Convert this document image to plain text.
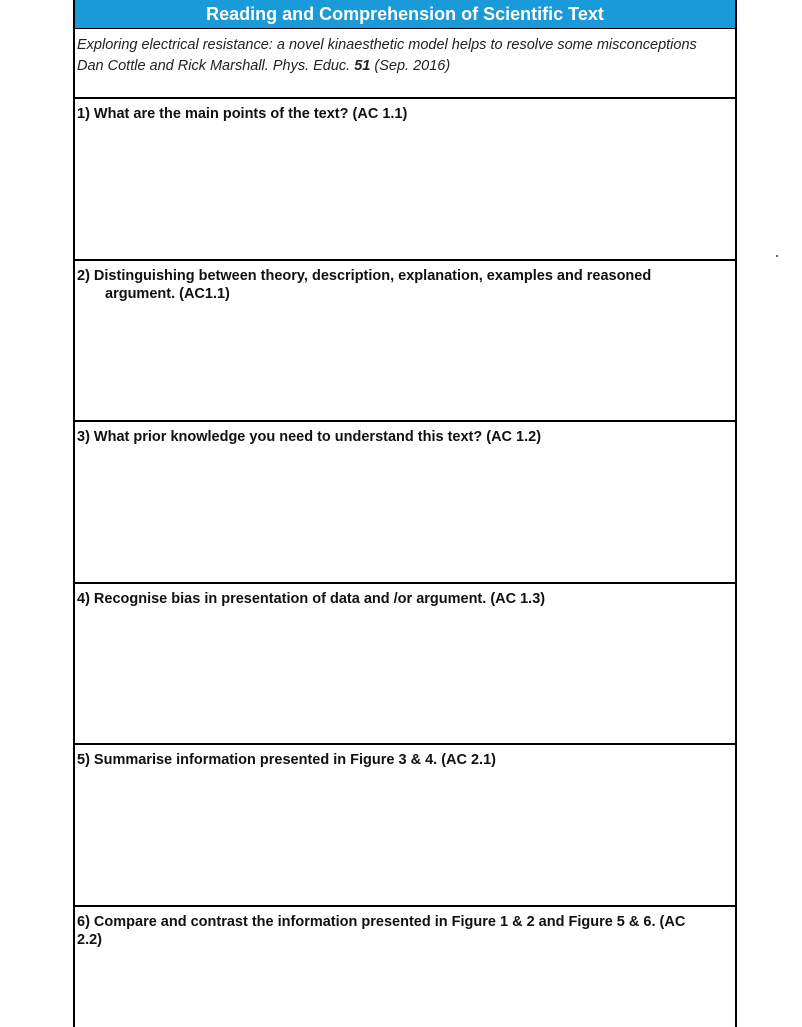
Reading and Comprehension of Scientific Text
Exploring electrical resistance: a novel kinaesthetic model helps to resolve some misconceptions
Dan Cottle and Rick Marshall. Phys. Educ. 51 (Sep. 2016)
1) What are the main points of the text? (AC 1.1)
2) Distinguishing between theory, description, explanation, examples and reasoned
argument. (AC1.1)
3) What prior knowledge you need to understand this text? (AC 1.2)
4) Recognise bias in presentation of data and /or argument. (AC 1.3)
5) Summarise information presented in Figure 3 & 4. (AC 2.1)
6) Compare and contrast the information presented in Figure 1 & 2 and Figure 5 & 6. (AC
2.2)
